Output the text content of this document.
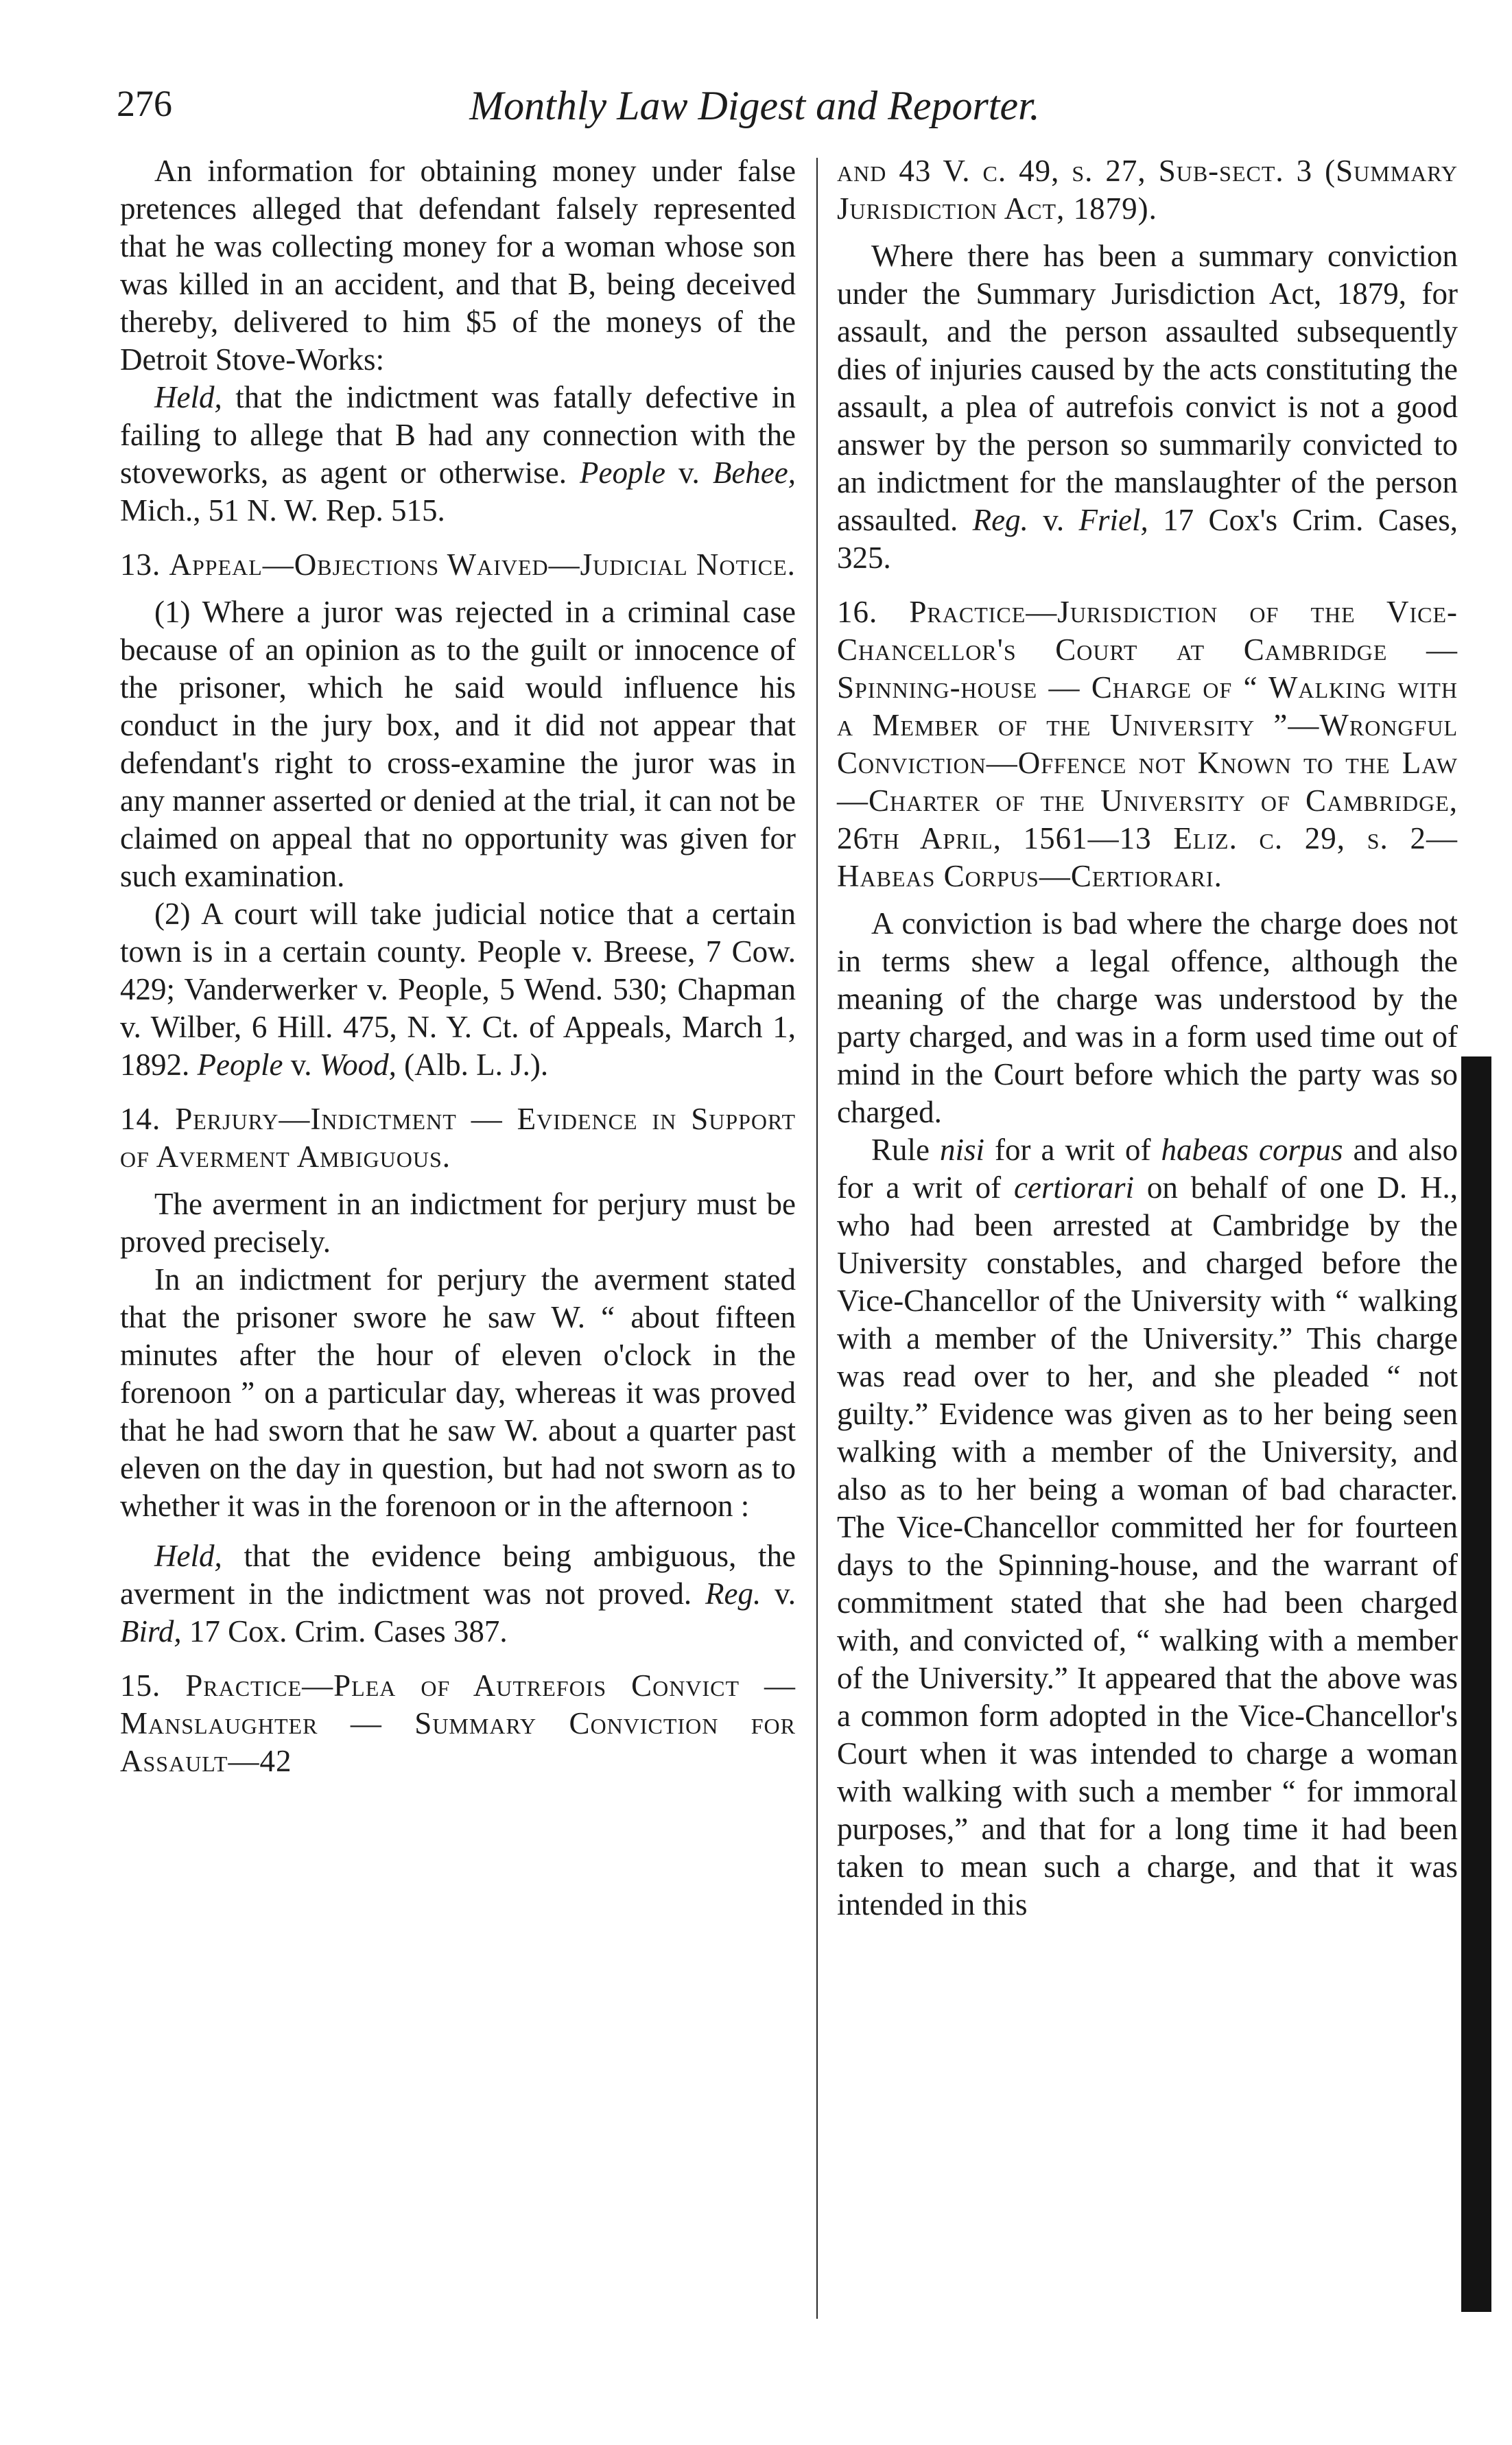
276	Monthly Law Digest and Reporter.

An information for obtaining money under false pretences alleged that defendant falsely represented that he was collecting money for a woman whose son was killed in an accident, and that B, being deceived thereby, delivered to him $5 of the moneys of the Detroit Stove-Works:

Held, that the indictment was fatally defective in failing to allege that B had any connection with the stoveworks, as agent or otherwise. People v. Behee, Mich., 51 N. W. Rep. 515.

13. Appeal—Objections Waived—Judicial Notice.

(1) Where a juror was rejected in a criminal case because of an opinion as to the guilt or innocence of the prisoner, which he said would influence his conduct in the jury box, and it did not appear that defendant's right to cross-examine the juror was in any manner asserted or denied at the trial, it can not be claimed on appeal that no opportunity was given for such examination.

(2) A court will take judicial notice that a certain town is in a certain county. People v. Breese, 7 Cow. 429; Vanderwerker v. People, 5 Wend. 530; Chapman v. Wilber, 6 Hill. 475, N. Y. Ct. of Appeals, March 1, 1892. People v. Wood, (Alb. L. J.).

14. Perjury—Indictment — Evidence in Support of Averment Ambiguous.

The averment in an indictment for perjury must be proved precisely.

In an indictment for perjury the averment stated that the prisoner swore he saw W. “ about fifteen minutes after the hour of eleven o'clock in the forenoon ” on a particular day, whereas it was proved that he had sworn that he saw W. about a quarter past eleven on the day in question, but had not sworn as to whether it was in the forenoon or in the afternoon :

Held, that the evidence being ambiguous, the averment in the indictment was not proved. Reg. v. Bird, 17 Cox. Crim. Cases 387.

15. Practice—Plea of Autrefois Convict — Manslaughter — Summary Conviction for Assault—42
and 43 V. c. 49, s. 27, Sub-sect. 3 (Summary Jurisdiction Act, 1879).

Where there has been a summary conviction under the Summary Jurisdiction Act, 1879, for assault, and the person assaulted subsequently dies of injuries caused by the acts constituting the assault, a plea of autrefois convict is not a good answer by the person so summarily convicted to an indictment for the manslaughter of the person assaulted. Reg. v. Friel, 17 Cox's Crim. Cases, 325.

16. Practice—Jurisdiction of the Vice-Chancellor's Court at Cambridge — Spinning-house — Charge of “ Walking with a Member of the University ”—Wrongful Conviction—Offence not Known to the Law—Charter of the University of Cambridge, 26th April, 1561—13 Eliz. c. 29, s. 2—Habeas Corpus—Certiorari.

A conviction is bad where the charge does not in terms shew a legal offence, although the meaning of the charge was understood by the party charged, and was in a form used time out of mind in the Court before which the party was so charged.

Rule nisi for a writ of habeas corpus and also for a writ of certiorari on behalf of one D. H., who had been arrested at Cambridge by the University constables, and charged before the Vice-Chancellor of the University with “ walking with a member of the University.” This charge was read over to her, and she pleaded “ not guilty.” Evidence was given as to her being seen walking with a member of the University, and also as to her being a woman of bad character. The Vice-Chancellor committed her for fourteen days to the Spinning-house, and the warrant of commitment stated that she had been charged with, and convicted of, “ walking with a member of the University.” It appeared that the above was a common form adopted in the Vice-Chancellor's Court when it was intended to charge a woman with walking with such a member “ for immoral purposes,” and that for a long time it had been taken to mean such a charge, and that it was intended in this
